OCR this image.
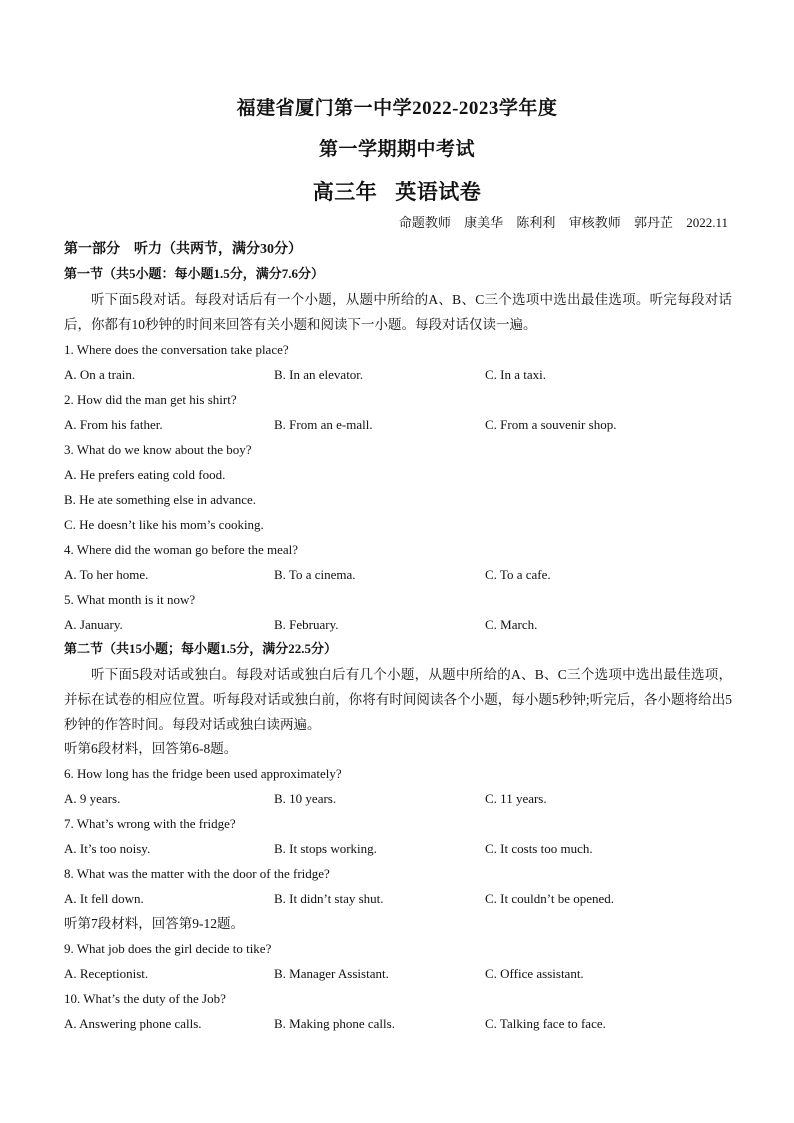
福建省厦门第一中学2022-2023学年度
第一学期期中考试
高三年 英语试卷
命题教师 康美华 陈利利 审核教师 郭丹芷 2022.11
第一部分　听力（共两节，满分30分）
第一节（共5小题：每小题1.5分，满分7.6分）
听下面5段对话。每段对话后有一个小题，从题中所给的A、B、C三个选项中选出最佳选项。听完每段对话后，你都有10秒钟的时间来回答有关小题和阅读下一小题。每段对话仅读一遍。
1. Where does the conversation take place?
A. On a train.	B. In an elevator.	C. In a taxi.
2. How did the man get his shirt?
A. From his father.	B. From an e-mall.	C. From a souvenir shop.
3. What do we know about the boy?
A. He prefers eating cold food.
B. He ate something else in advance.
C. He doesn’t like his mom’s cooking.
4. Where did the woman go before the meal?
A. To her home.	B. To a cinema.	C. To a cafe.
5. What month is it now?
A. January.	B. February.	C. March.
第二节（共15小题；每小题1.5分，满分22.5分）
听下面5段对话或独白。每段对话或独白后有几个小题，从题中所给的A、B、C三个选项中选出最佳选项，并标在试卷的相应位置。听每段对话或独白前，你将有时间阅读各个小题，每小题5秒钟;听完后，各小题将给出5秒钟的作答时间。每段对话或独白读两遍。
听第6段材料，回答第6-8题。
6. How long has the fridge been used approximately?
A. 9 years.	B. 10 years.	C. 11 years.
7. What’s wrong with the fridge?
A. It’s too noisy.	B. It stops working.	C. It costs too much.
8. What was the matter with the door of the fridge?
A. It fell down.	B. It didn’t stay shut.	C. It couldn’t be opened.
听第7段材料，回答第9-12题。
9. What job does the girl decide to tike?
A. Receptionist.	B. Manager Assistant.	C. Office assistant.
10. What’s the duty of the Job?
A. Answering phone calls.	B. Making phone calls.	C. Talking face to face.
